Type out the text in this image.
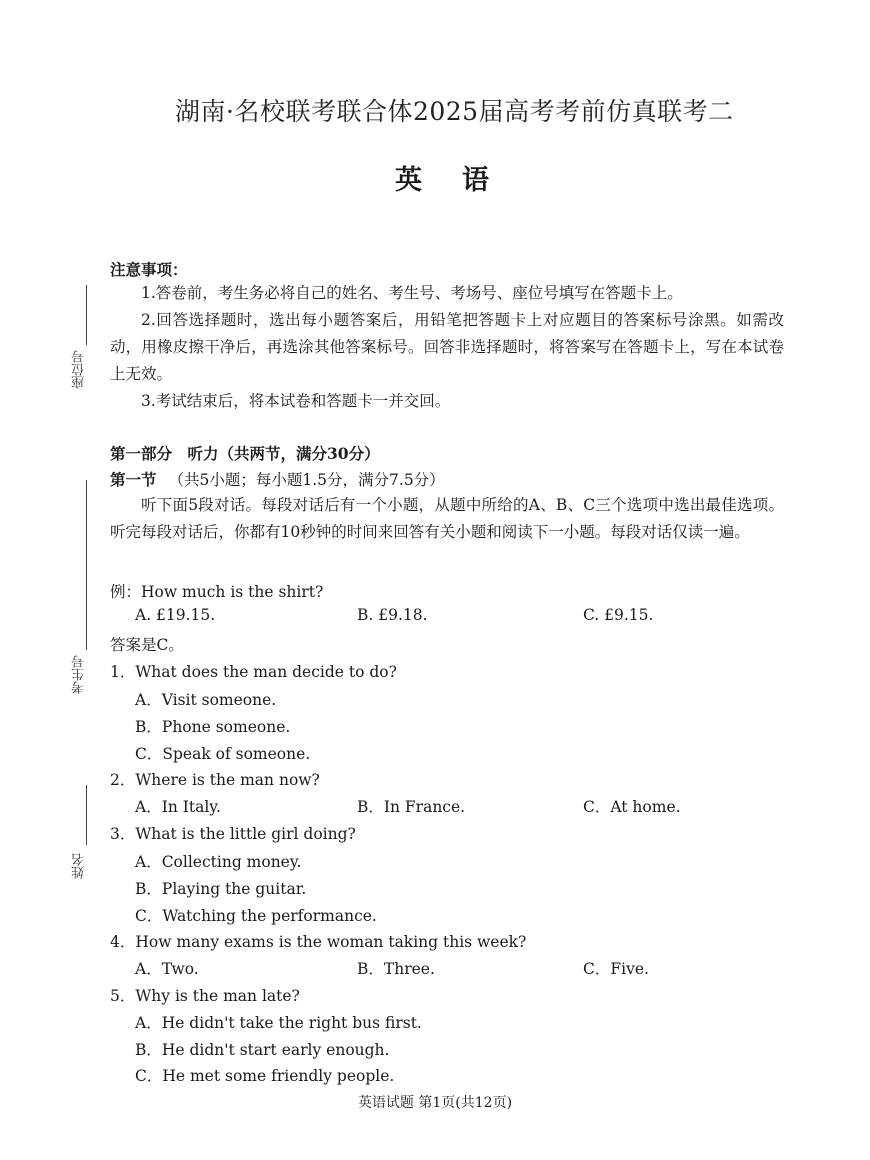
湖南·名校联考联合体2025届高考考前仿真联考二
英语
座位号
考生号
姓名
注意事项：
1.答卷前，考生务必将自己的姓名、考生号、考场号、座位号填写在答题卡上。
2.回答选择题时，选出每小题答案后，用铅笔把答题卡上对应题目的答案标号涂黑。如需改动，用橡皮擦干净后，再选涂其他答案标号。回答非选择题时，将答案写在答题卡上，写在本试卷上无效。
3.考试结束后，将本试卷和答题卡一并交回。
第一部分　听力（共两节，满分30分）
第一节 （共5小题；每小题1.5分，满分7.5分）
听下面5段对话。每段对话后有一个小题，从题中所给的A、B、C三个选项中选出最佳选项。听完每段对话后，你都有10秒钟的时间来回答有关小题和阅读下一小题。每段对话仅读一遍。
例：How much is the shirt?
A. £19.15.	B. £9.18.	C. £9.15.
答案是C。
1．What does the man decide to do?
A．Visit someone.
B．Phone someone.
C．Speak of someone.
2．Where is the man now?
A．In Italy.	B．In France.	C．At home.
3．What is the little girl doing?
A．Collecting money.
B．Playing the guitar.
C．Watching the performance.
4．How many exams is the woman taking this week?
A．Two.	B．Three.	C．Five.
5．Why is the man late?
A．He didn't take the right bus first.
B．He didn't start early enough.
C．He met some friendly people.
英语试题 第1页(共12页)
